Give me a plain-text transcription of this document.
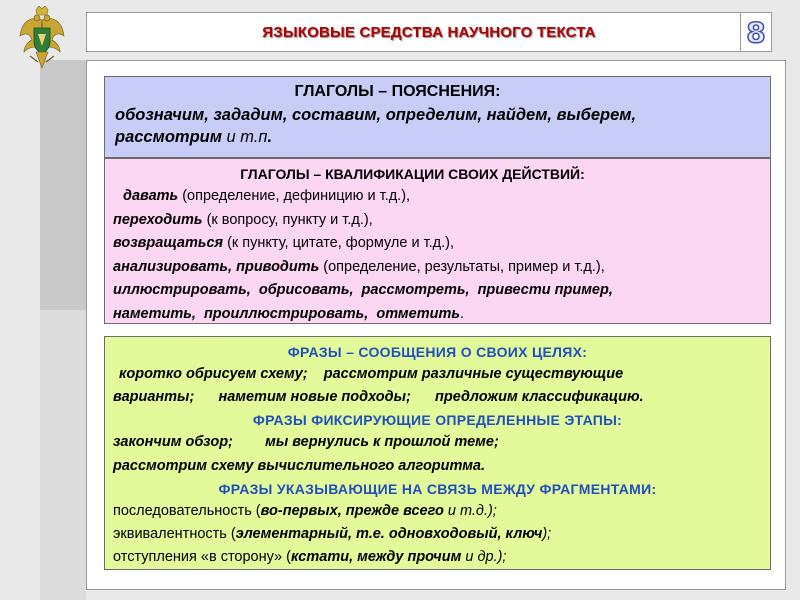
ЯЗЫКОВЫЕ СРЕДСТВА НАУЧНОГО ТЕКСТА	8
ГЛАГОЛЫ – ПОЯСНЕНИЯ:
обозначим, зададим, составим, определим, найдем, выберем,
рассмотрим и т.п.
ГЛАГОЛЫ – КВАЛИФИКАЦИИ СВОИХ ДЕЙСТВИЙ:
давать (определение, дефиницию и т.д.),
переходить (к вопросу, пункту и т.д.),
возвращаться (к пункту, цитате, формуле и т.д.),
анализировать, приводить (определение, результаты, пример и т.д.),
иллюстрировать,  обрисовать,  рассмотреть,  привести пример,
наметить,  проиллюстрировать,  отметить.
ФРАЗЫ – СООБЩЕНИЯ О СВОИХ ЦЕЛЯХ:
коротко обрисуем схему;    рассмотрим различные существующие
варианты;      наметим новые подходы;      предложим классификацию.
ФРАЗЫ ФИКСИРУЮЩИЕ ОПРЕДЕЛЕННЫЕ ЭТАПЫ:
закончим обзор;        мы вернулись к прошлой теме;
рассмотрим схему вычислительного алгоритма.
ФРАЗЫ УКАЗЫВАЮЩИЕ НА СВЯЗЬ МЕЖДУ ФРАГМЕНТАМИ:
последовательность (во-первых, прежде всего и т.д.);
эквивалентность (элементарный, т.е. одновходовый, ключ);
отступления «в сторону» (кстати, между прочим и др.);
